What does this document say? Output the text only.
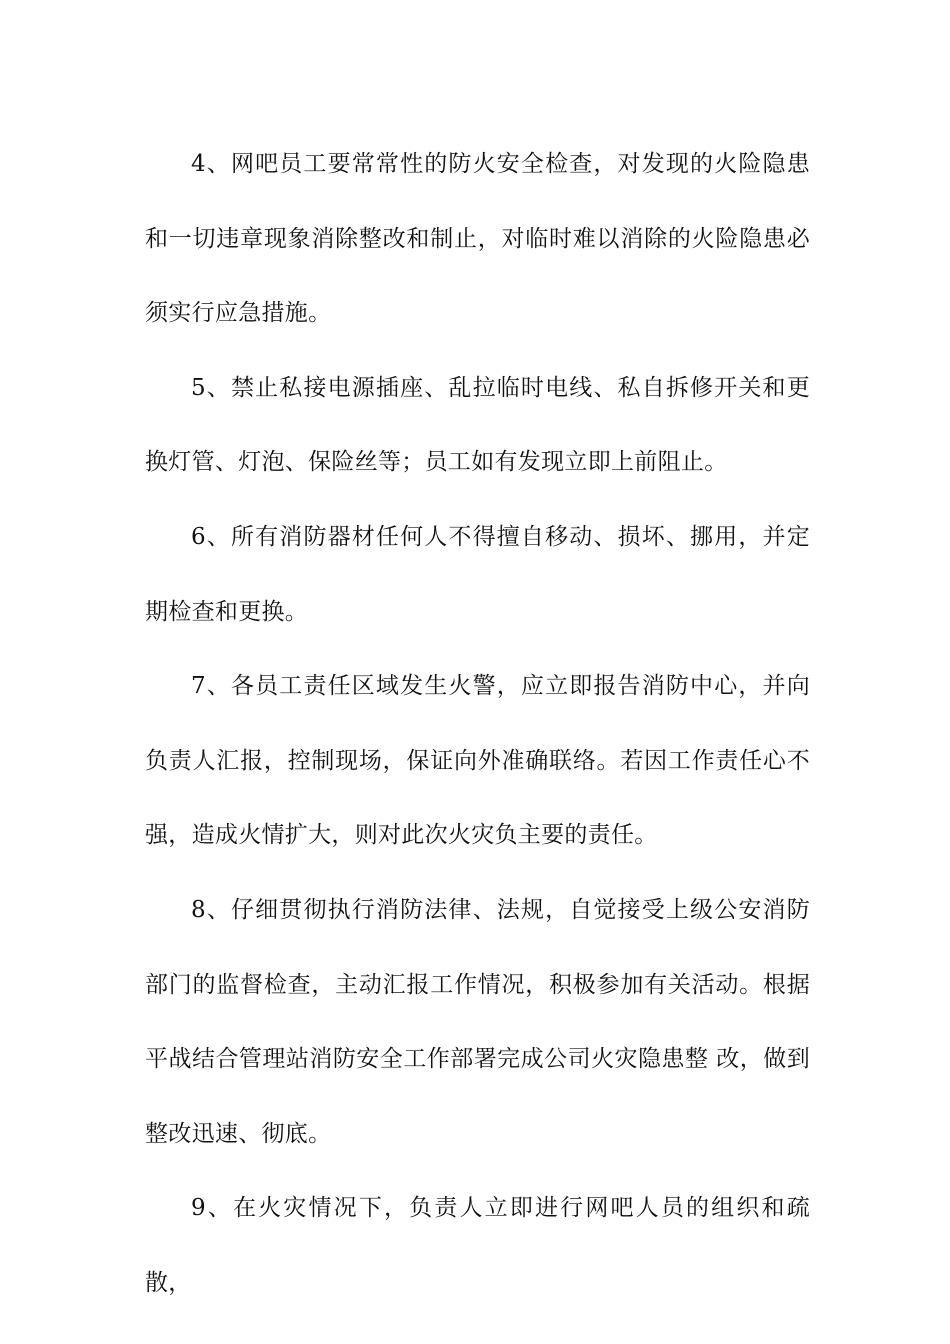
4、网吧员工要常常性的防火安全检查，对发现的火险隐患和一切违章现象消除整改和制止，对临时难以消除的火险隐患必须实行应急措施。

5、禁止私接电源插座、乱拉临时电线、私自拆修开关和更换灯管、灯泡、保险丝等；员工如有发现立即上前阻止。

6、所有消防器材任何人不得擅自移动、损坏、挪用，并定期检查和更换。

7、各员工责任区域发生火警，应立即报告消防中心，并向负责人汇报，控制现场，保证向外准确联络。若因工作责任心不强，造成火情扩大，则对此次火灾负主要的责任。

8、仔细贯彻执行消防法律、法规，自觉接受上级公安消防部门的监督检查，主动汇报工作情况，积极参加有关活动。根据平战结合管理站消防安全工作部署完成公司火灾隐患整 改，做到整改迅速、彻底。

9、在火灾情况下，负责人立即进行网吧人员的组织和疏散，
